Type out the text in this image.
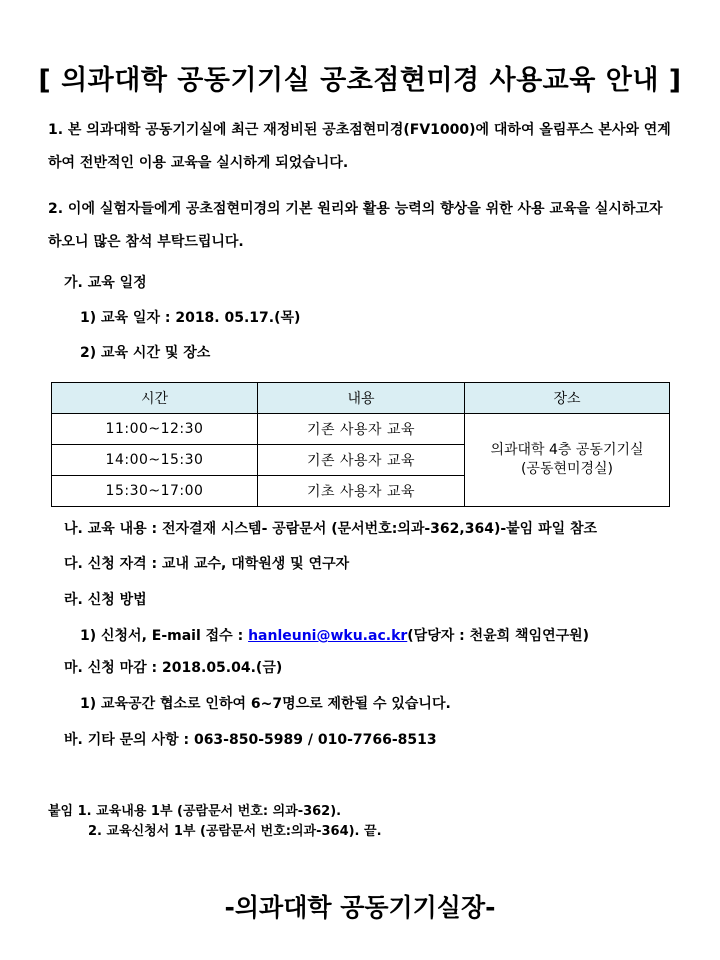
[ 의과대학 공동기기실 공초점현미경 사용교육 안내 ]
1. 본 의과대학 공동기기실에 최근 재정비된 공초점현미경(FV1000)에 대하여 올림푸스 본사와 연계하여 전반적인 이용 교육을 실시하게 되었습니다.
2. 이에 실험자들에게 공초점현미경의 기본 원리와 활용 능력의 향상을 위한 사용 교육을 실시하고자 하오니 많은 참석 부탁드립니다.
가. 교육 일정
1) 교육 일자 : 2018. 05.17.(목)
2) 교육 시간 및 장소
시간	내용	장소
11:00~12:30	기존 사용자 교육	의과대학 4층 공동기기실
(공동현미경실)

14:00~15:30	기존 사용자 교육	
15:30~17:00	기초 사용자 교육	
나. 교육 내용 : 전자결재 시스템- 공람문서 (문서번호:의과-362,364)-붙임 파일 참조
다. 신청 자격 : 교내 교수, 대학원생 및 연구자
라. 신청 방법
1) 신청서, E-mail 접수 : hanleuni@wku.ac.kr(담당자 : 천윤희 책임연구원)
마. 신청 마감 : 2018.05.04.(금)
1) 교육공간 협소로 인하여 6~7명으로 제한될 수 있습니다.
바. 기타 문의 사항 : 063-850-5989 / 010-7766-8513
붙임 1. 교육내용 1부 (공람문서 번호: 의과-362).
2. 교육신청서 1부 (공람문서 번호:의과-364). 끝.
-의과대학 공동기기실장-
